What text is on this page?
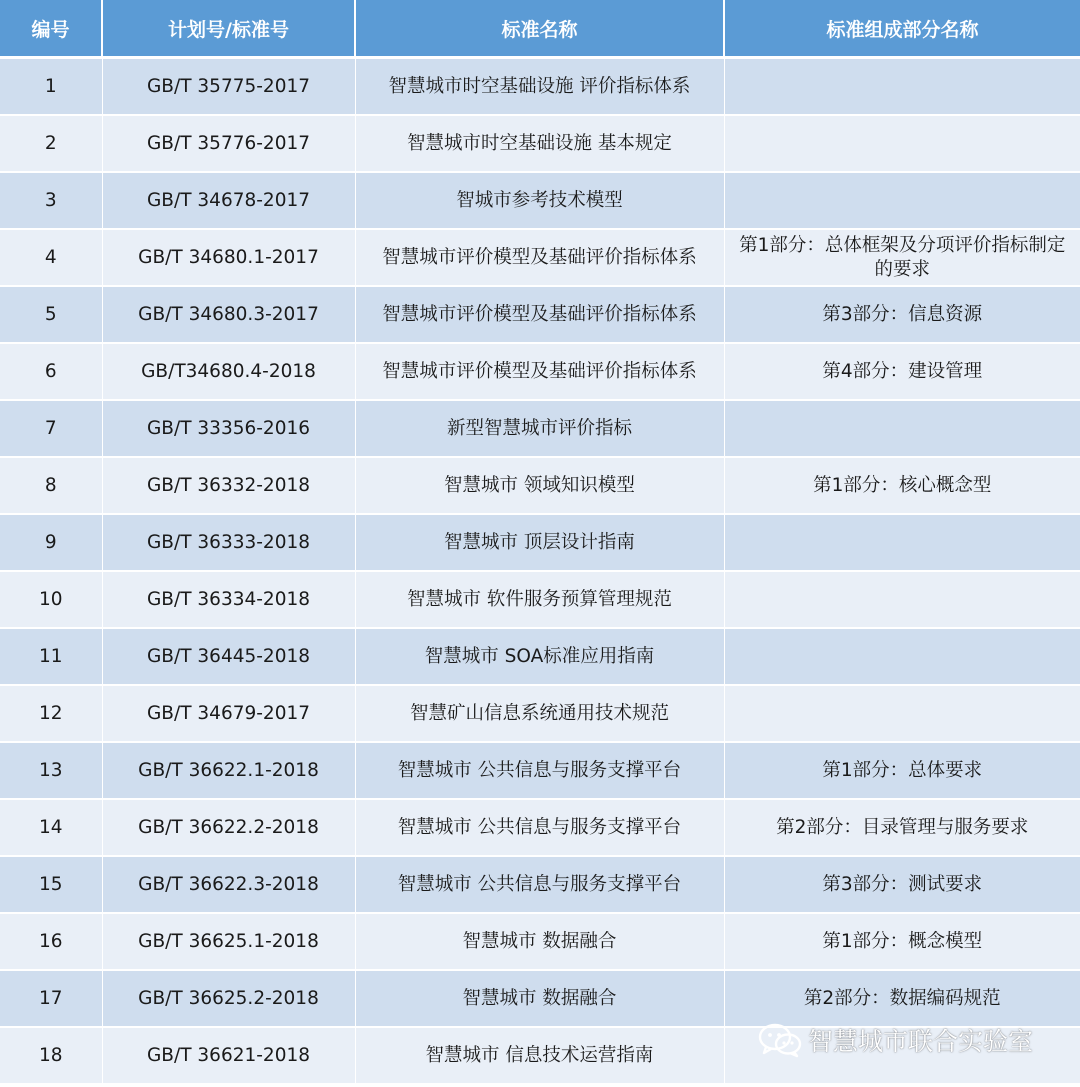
编号	计划号/标准号	标准名称	标准组成部分名称
1	GB/T 35775-2017	智慧城市时空基础设施 评价指标体系	
2	GB/T 35776-2017	智慧城市时空基础设施 基本规定	
3	GB/T 34678-2017	智城市参考技术模型	
4	GB/T 34680.1-2017	智慧城市评价模型及基础评价指标体系	第1部分：总体框架及分项评价指标制定的要求
5	GB/T 34680.3-2017	智慧城市评价模型及基础评价指标体系	第3部分：信息资源
6	GB/T34680.4-2018	智慧城市评价模型及基础评价指标体系	第4部分：建设管理
7	GB/T 33356-2016	新型智慧城市评价指标	
8	GB/T 36332-2018	智慧城市 领域知识模型	第1部分：核心概念型
9	GB/T 36333-2018	智慧城市 顶层设计指南	
10	GB/T 36334-2018	智慧城市 软件服务预算管理规范	
11	GB/T 36445-2018	智慧城市 SOA标准应用指南	
12	GB/T 34679-2017	智慧矿山信息系统通用技术规范	
13	GB/T 36622.1-2018	智慧城市 公共信息与服务支撑平台	第1部分：总体要求
14	GB/T 36622.2-2018	智慧城市 公共信息与服务支撑平台	第2部分：目录管理与服务要求
15	GB/T 36622.3-2018	智慧城市 公共信息与服务支撑平台	第3部分：测试要求
16	GB/T 36625.1-2018	智慧城市 数据融合	第1部分：概念模型
17	GB/T 36625.2-2018	智慧城市 数据融合	第2部分：数据编码规范
18	GB/T 36621-2018	智慧城市 信息技术运营指南		智慧城市联合实验室
